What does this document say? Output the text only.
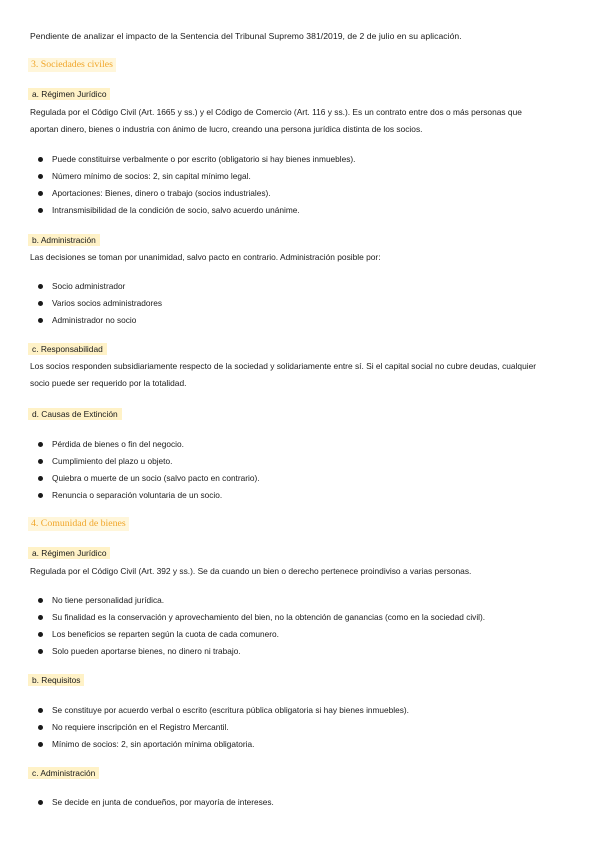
Pendiente de analizar el impacto de la Sentencia del Tribunal Supremo 381/2019, de 2 de julio en su aplicación.
3. Sociedades civiles
a. Régimen Jurídico
Regulada por el Código Civil (Art. 1665 y ss.) y el Código de Comercio (Art. 116 y ss.). Es un contrato entre dos o más personas que aportan dinero, bienes o industria con ánimo de lucro, creando una persona jurídica distinta de los socios.
Puede constituirse verbalmente o por escrito (obligatorio si hay bienes inmuebles).
Número mínimo de socios: 2, sin capital mínimo legal.
Aportaciones: Bienes, dinero o trabajo (socios industriales).
Intransmisibilidad de la condición de socio, salvo acuerdo unánime.
b. Administración
Las decisiones se toman por unanimidad, salvo pacto en contrario. Administración posible por:
Socio administrador
Varios socios administradores
Administrador no socio
c. Responsabilidad
Los socios responden subsidiariamente respecto de la sociedad y solidariamente entre sí. Si el capital social no cubre deudas, cualquier socio puede ser requerido por la totalidad.
d. Causas de Extinción
Pérdida de bienes o fin del negocio.
Cumplimiento del plazo u objeto.
Quiebra o muerte de un socio (salvo pacto en contrario).
Renuncia o separación voluntaria de un socio.
4. Comunidad de bienes
a. Régimen Jurídico
Regulada por el Código Civil (Art. 392 y ss.). Se da cuando un bien o derecho pertenece proindiviso a varias personas.
No tiene personalidad jurídica.
Su finalidad es la conservación y aprovechamiento del bien, no la obtención de ganancias (como en la sociedad civil).
Los beneficios se reparten según la cuota de cada comunero.
Solo pueden aportarse bienes, no dinero ni trabajo.
b. Requisitos
Se constituye por acuerdo verbal o escrito (escritura pública obligatoria si hay bienes inmuebles).
No requiere inscripción en el Registro Mercantil.
Mínimo de socios: 2, sin aportación mínima obligatoria.
c. Administración
Se decide en junta de condueños, por mayoría de intereses.
